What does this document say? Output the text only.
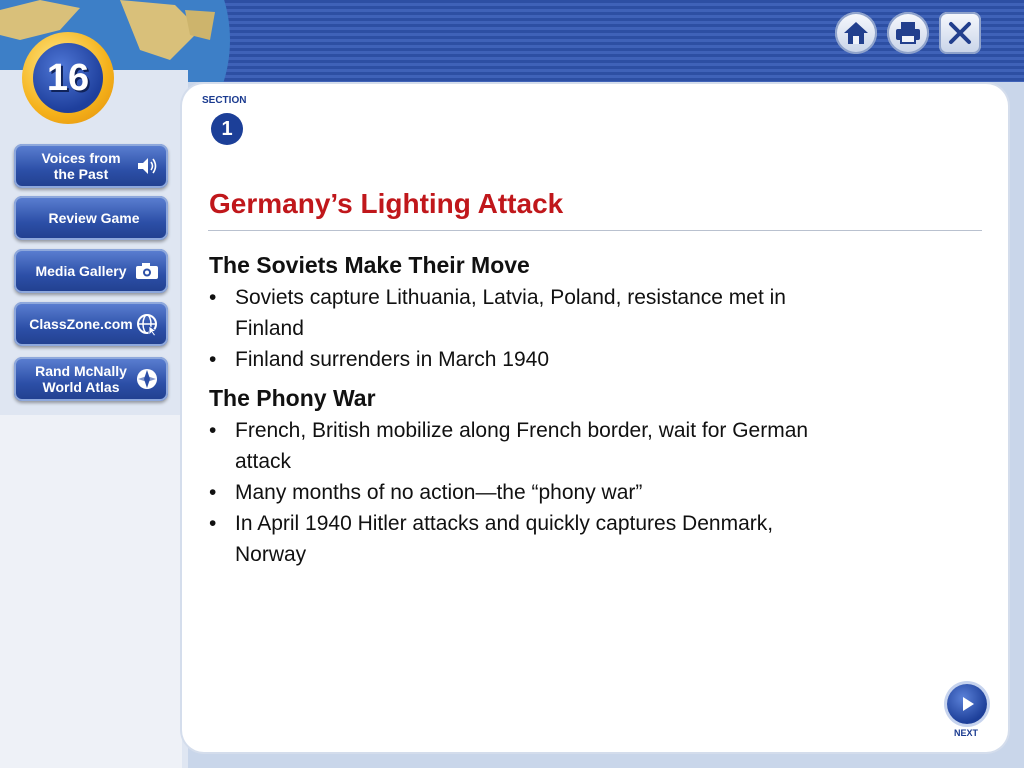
16
Voices from
the Past
Review Game
Media Gallery
ClassZone.com
Rand McNally
World Atlas
SECTION
1
Germany’s Lighting Attack
The Soviets Make Their Move
• Soviets capture Lithuania, Latvia, Poland, resistance met in Finland
• Finland surrenders in March 1940
The Phony War
• French, British mobilize along French border, wait for German attack
• Many months of no action—the “phony war”
• In April 1940 Hitler attacks and quickly captures Denmark, Norway
NEXT
